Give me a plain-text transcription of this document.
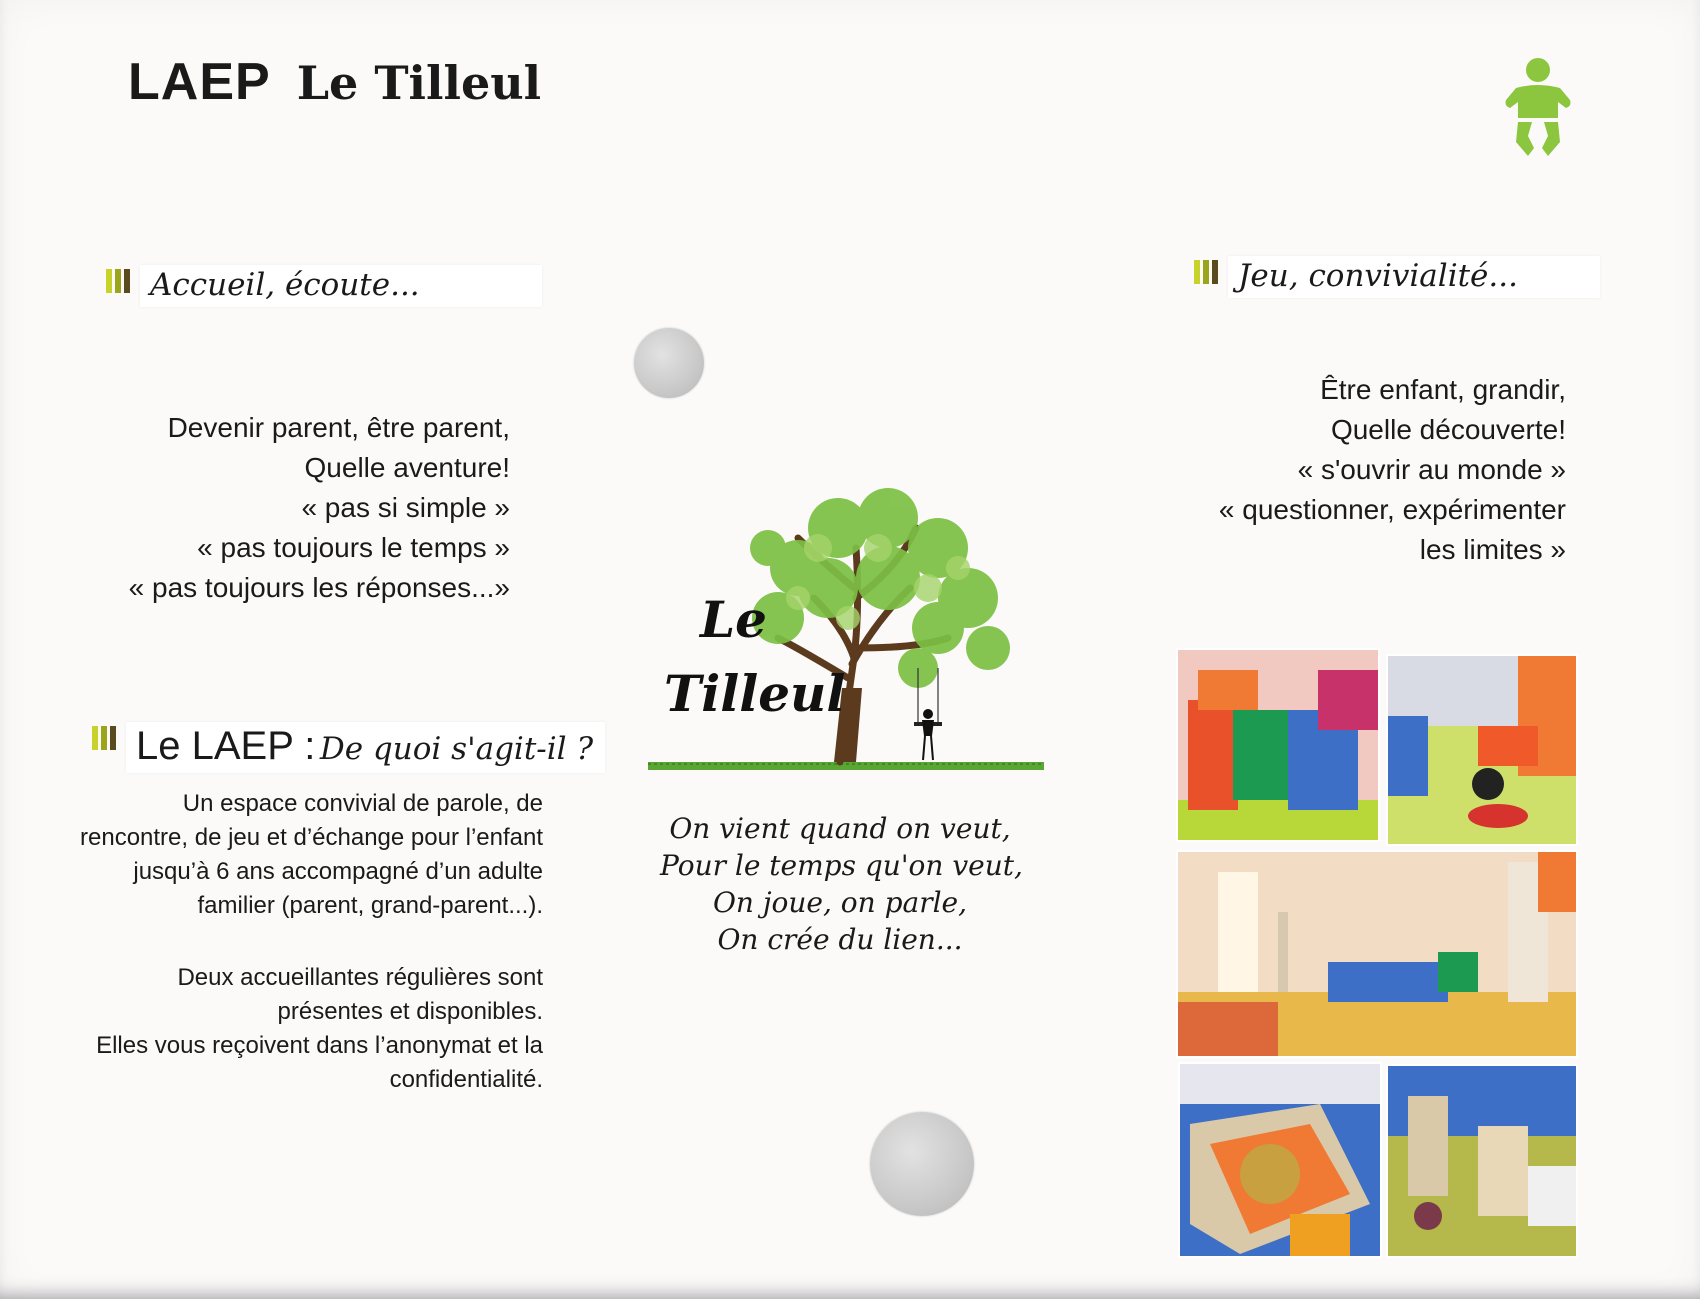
LAEP Le Tilleul
Accueil, écoute...
Devenir parent, être parent,
Quelle aventure!
« pas si simple »
« pas toujours le temps »
« pas toujours les réponses...»
Le LAEP : De quoi s'agit-il ?
Un espace convivial de parole, de
rencontre, de jeu et d’échange pour l’enfant
jusqu’à 6 ans accompagné d’un adulte
familier (parent, grand-parent...).
Deux accueillantes régulières sont
présentes et disponibles.
Elles vous reçoivent dans l’anonymat et la
confidentialité.
Le
Tilleul
On vient quand on veut,
Pour le temps qu'on veut,
On joue, on parle,
On crée du lien...
Jeu, convivialité...
Être enfant, grandir,
Quelle découverte!
« s'ouvrir au monde »
« questionner, expérimenter
les limites »
